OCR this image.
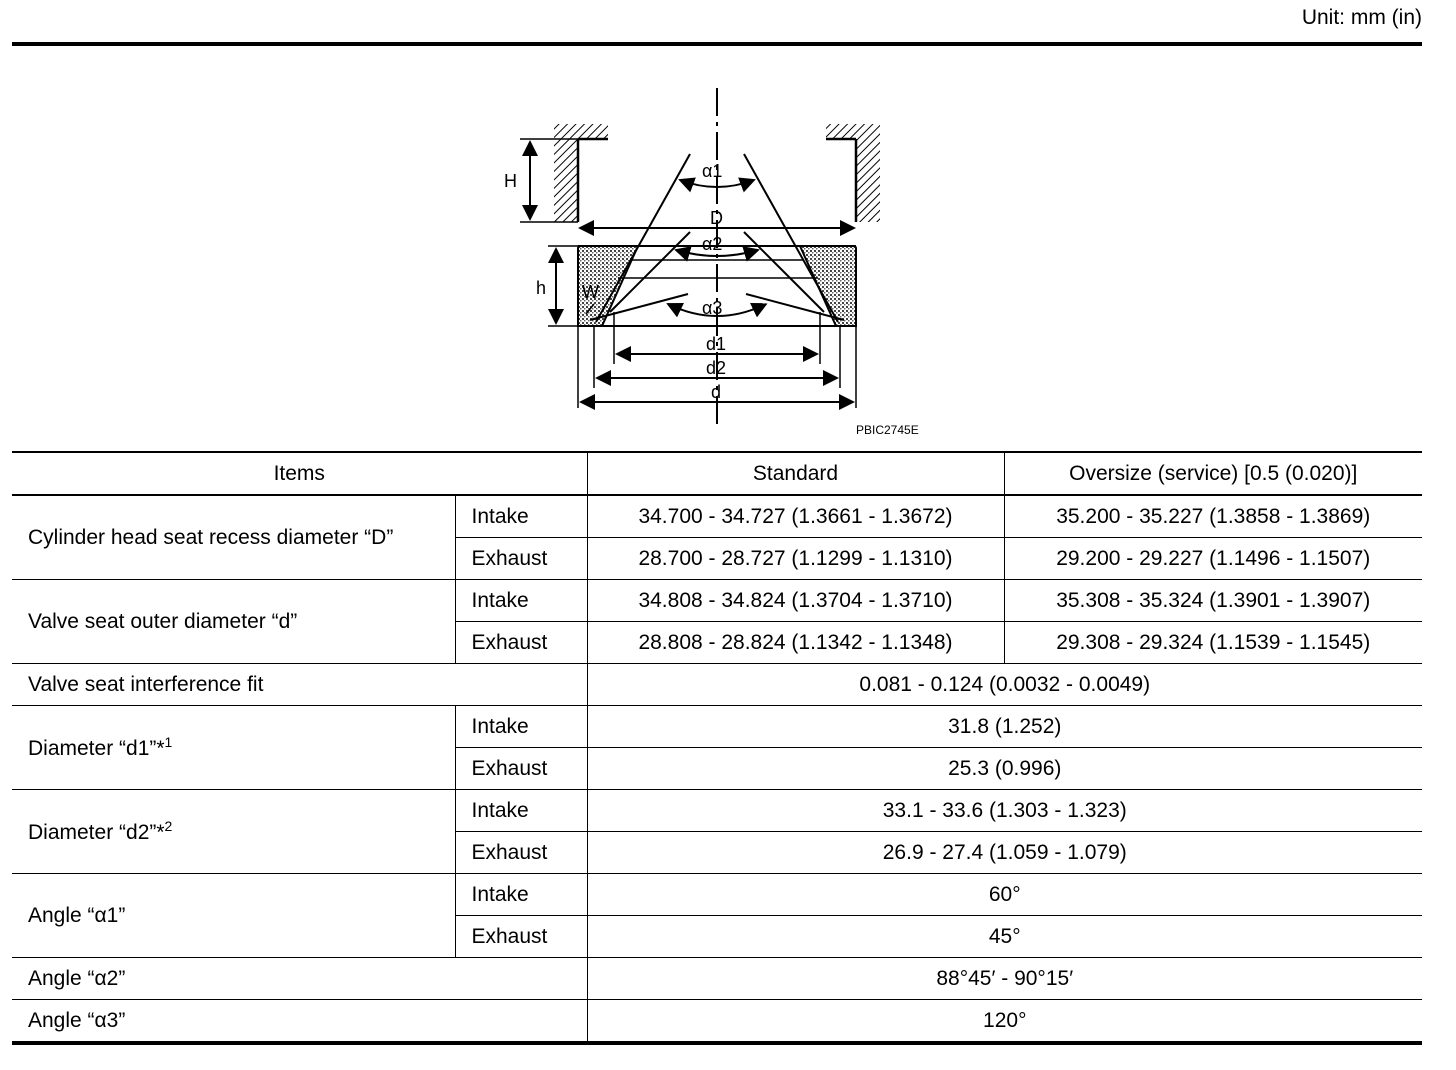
Unit: mm (in)
H
D
h
α1
α2
α3
W
d1
d2
d
PBIC2745E
Items		Standard	Oversize (service) [0.5 (0.020)]
Cylinder head seat recess diameter “D”	Intake	34.700 - 34.727 (1.3661 - 1.3672)	35.200 - 35.227 (1.3858 - 1.3869)
	Exhaust	28.700 - 28.727 (1.1299 - 1.1310)	29.200 - 29.227 (1.1496 - 1.1507)
Valve seat outer diameter “d”	Intake	34.808 - 34.824 (1.3704 - 1.3710)	35.308 - 35.324 (1.3901 - 1.3907)
	Exhaust	28.808 - 28.824 (1.1342 - 1.1348)	29.308 - 29.324 (1.1539 - 1.1545)
Valve seat interference fit		0.081 - 0.124 (0.0032 - 0.0049)	
Diameter “d1”*$^1$	Intake	31.8 (1.252)	
	Exhaust	25.3 (0.996)	
Diameter “d2”*$^2$	Intake	33.1 - 33.6 (1.303 - 1.323)	
	Exhaust	26.9 - 27.4 (1.059 - 1.079)	
Angle “α1”	Intake	60°	
	Exhaust	45°	
Angle “α2”		88°45′ - 90°15′	
Angle “α3”		120°	
